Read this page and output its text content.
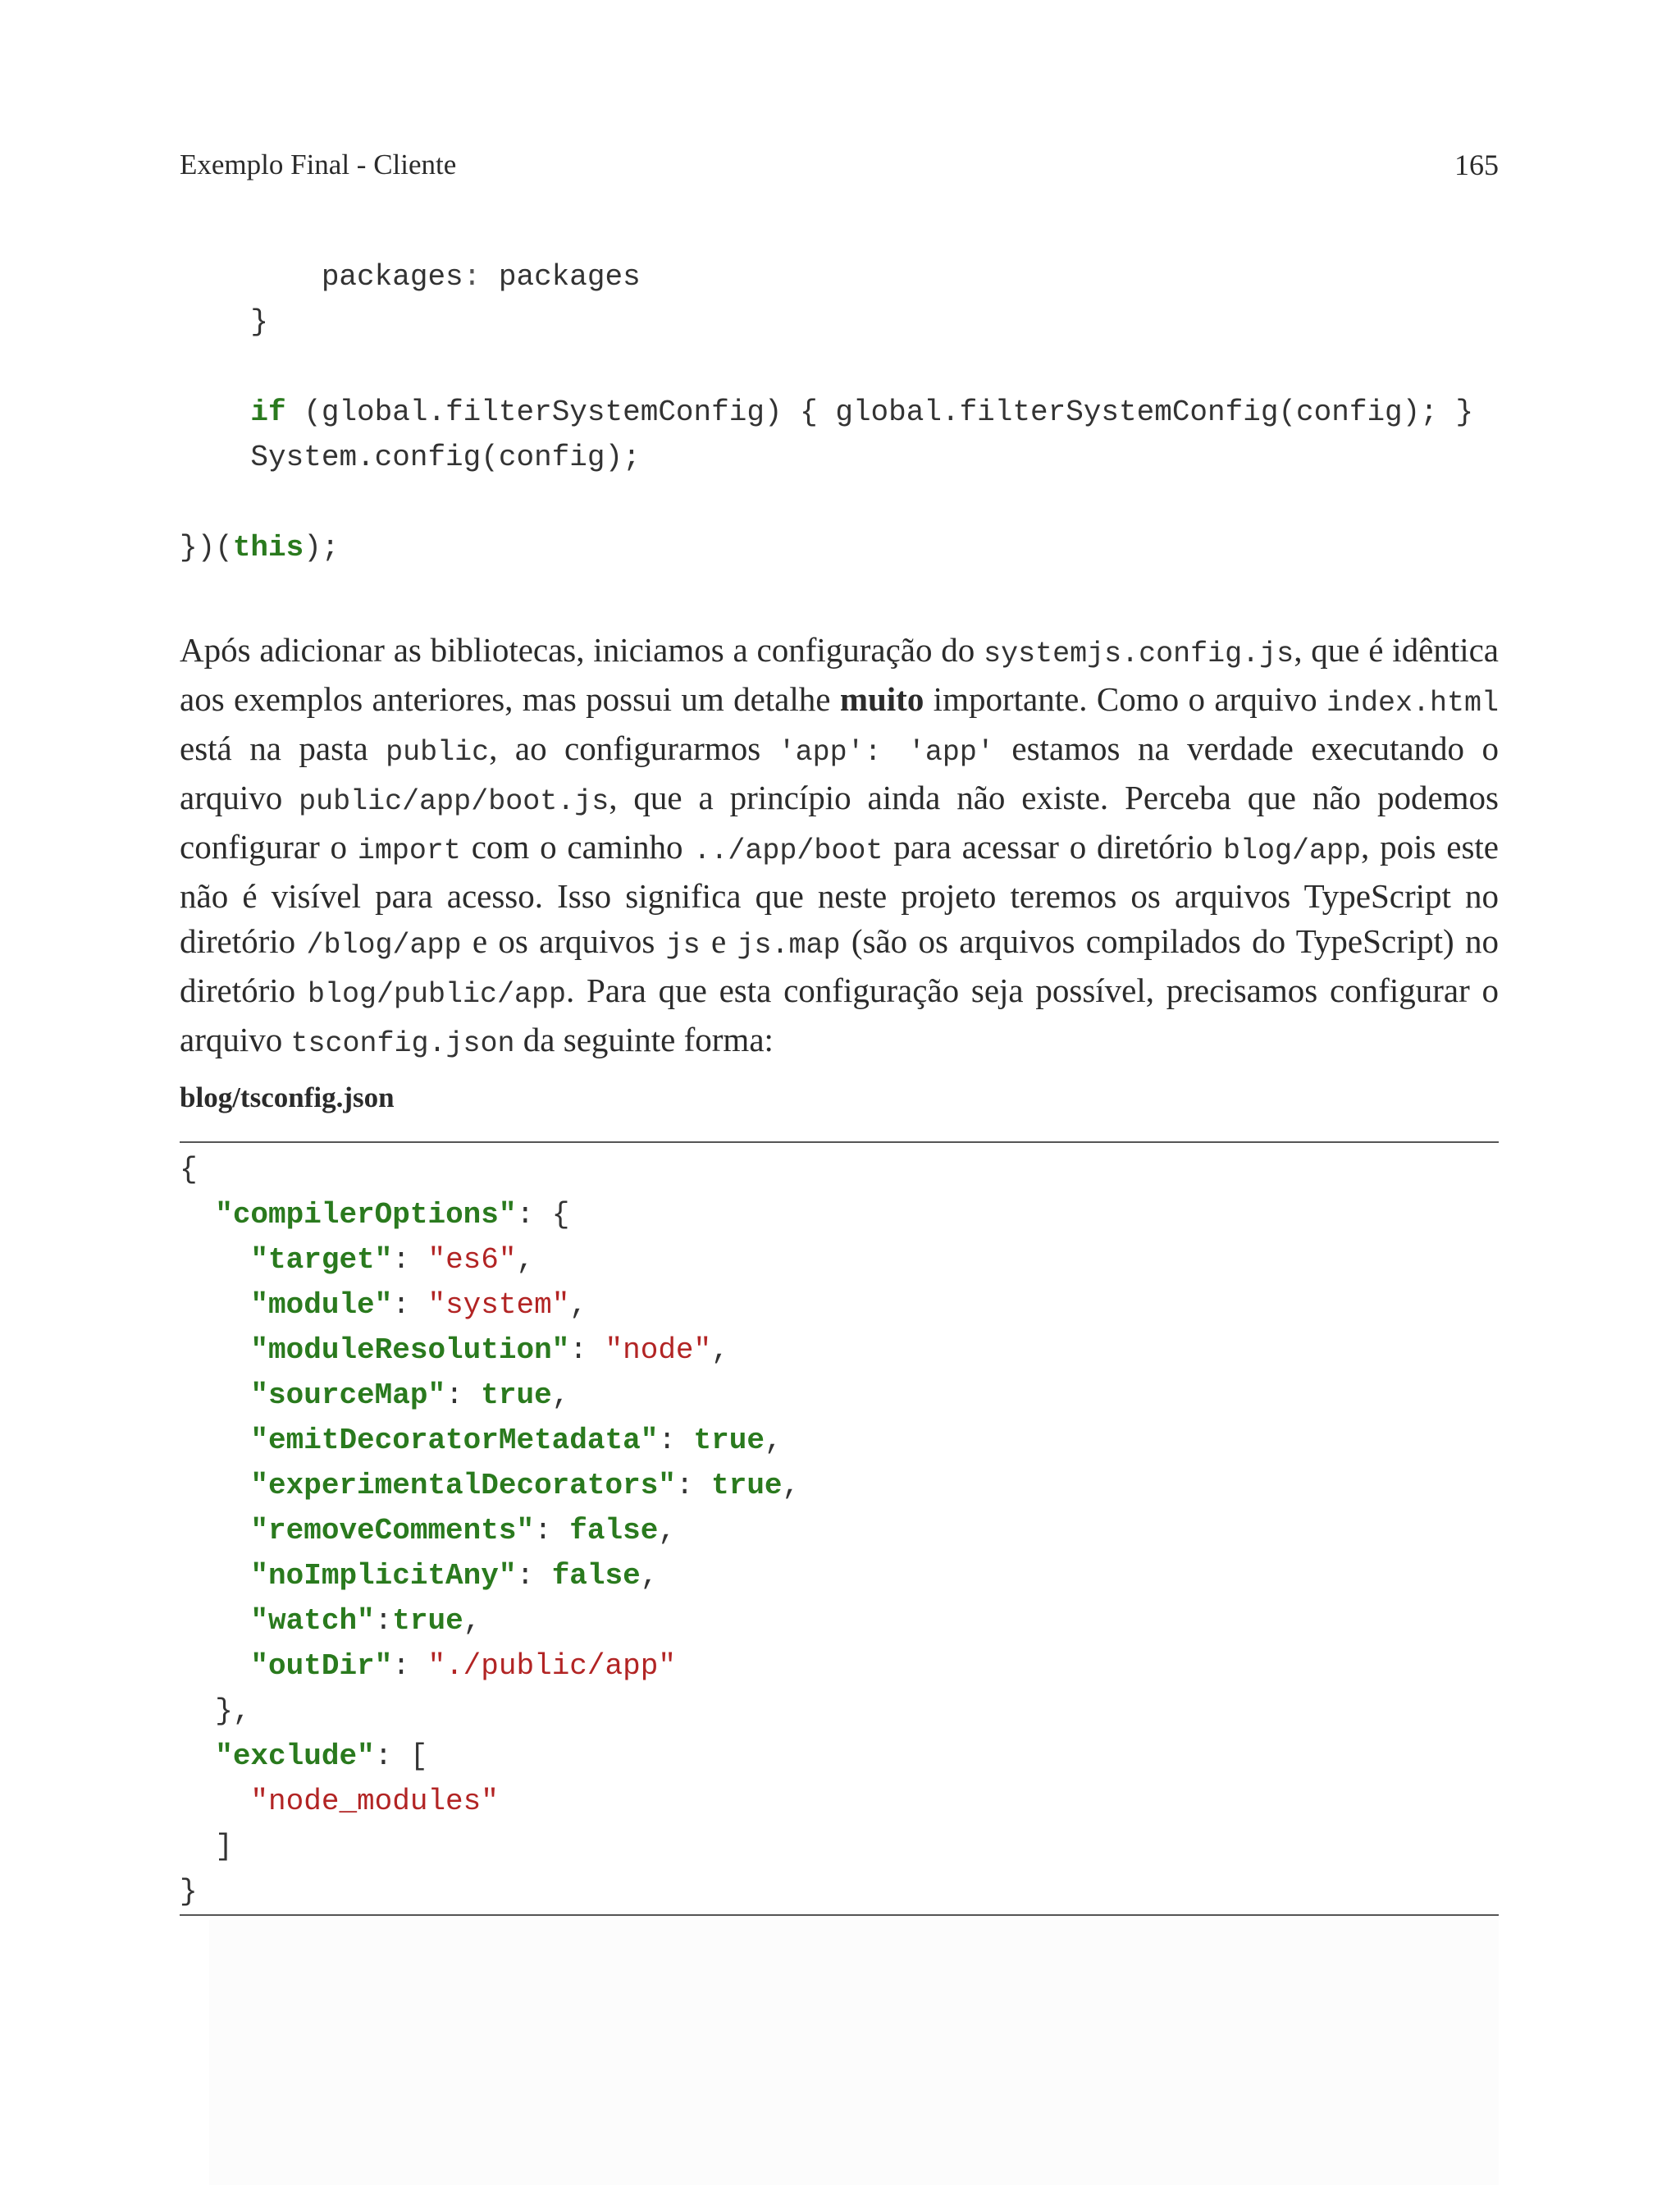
Exemplo Final - Cliente	165
packages: packages
}
if (global.filterSystemConfig) { global.filterSystemConfig(config); }
System.config(config);
})(this);
Após adicionar as bibliotecas, iniciamos a configuração do systemjs.config.js, que é idêntica aos exemplos anteriores, mas possui um detalhe muito importante. Como o arquivo index.html está na pasta public, ao configurarmos 'app': 'app' estamos na verdade executando o arquivo public/app/boot.js, que a princípio ainda não existe. Perceba que não podemos configurar o import com o caminho ../app/boot para acessar o diretório blog/app, pois este não é visível para acesso. Isso significa que neste projeto teremos os arquivos TypeScript no diretório /blog/app e os arquivos js e js.map (são os arquivos compilados do TypeScript) no diretório blog/public/app. Para que esta configuração seja possível, precisamos configurar o arquivo tsconfig.json da seguinte forma:
blog/tsconfig.json
{
"compilerOptions": {
"target": "es6",
"module": "system",
"moduleResolution": "node",
"sourceMap": true,
"emitDecoratorMetadata": true,
"experimentalDecorators": true,
"removeComments": false,
"noImplicitAny": false,
"watch":true,
"outDir": "./public/app"
},
"exclude": [
"node_modules"
]
}
